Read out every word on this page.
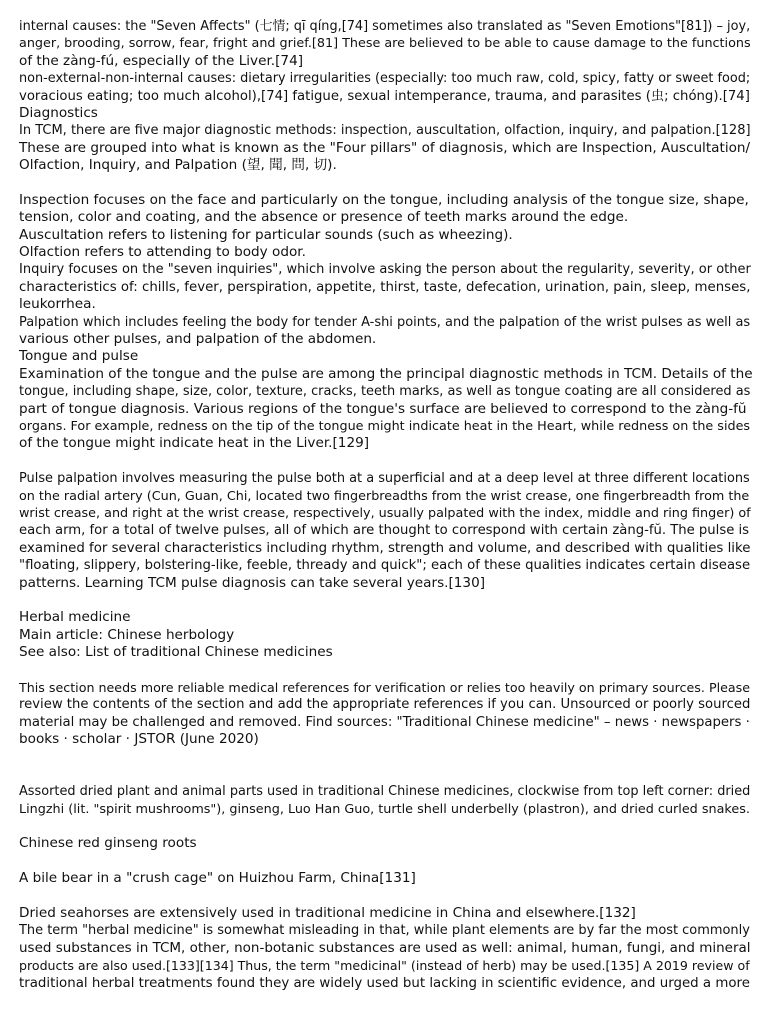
internal causes: the "Seven Affects" (七情; qī qíng,[74] sometimes also translated as "Seven Emotions"[81]) – joy,
anger, brooding, sorrow, fear, fright and grief.[81] These are believed to be able to cause damage to the functions
of the zàng-fú, especially of the Liver.[74]
non-external-non-internal causes: dietary irregularities (especially: too much raw, cold, spicy, fatty or sweet food;
voracious eating; too much alcohol),[74] fatigue, sexual intemperance, trauma, and parasites (虫; chóng).[74]
Diagnostics
In TCM, there are five major diagnostic methods: inspection, auscultation, olfaction, inquiry, and palpation.[128]
These are grouped into what is known as the "Four pillars" of diagnosis, which are Inspection, Auscultation/
Olfaction, Inquiry, and Palpation (望, 聞, 問, 切).
Inspection focuses on the face and particularly on the tongue, including analysis of the tongue size, shape,
tension, color and coating, and the absence or presence of teeth marks around the edge.
Auscultation refers to listening for particular sounds (such as wheezing).
Olfaction refers to attending to body odor.
Inquiry focuses on the "seven inquiries", which involve asking the person about the regularity, severity, or other
characteristics of: chills, fever, perspiration, appetite, thirst, taste, defecation, urination, pain, sleep, menses,
leukorrhea.
Palpation which includes feeling the body for tender A-shi points, and the palpation of the wrist pulses as well as
various other pulses, and palpation of the abdomen.
Tongue and pulse
Examination of the tongue and the pulse are among the principal diagnostic methods in TCM. Details of the
tongue, including shape, size, color, texture, cracks, teeth marks, as well as tongue coating are all considered as
part of tongue diagnosis. Various regions of the tongue's surface are believed to correspond to the zàng-fŭ
organs. For example, redness on the tip of the tongue might indicate heat in the Heart, while redness on the sides
of the tongue might indicate heat in the Liver.[129]
Pulse palpation involves measuring the pulse both at a superficial and at a deep level at three different locations
on the radial artery (Cun, Guan, Chi, located two fingerbreadths from the wrist crease, one fingerbreadth from the
wrist crease, and right at the wrist crease, respectively, usually palpated with the index, middle and ring finger) of
each arm, for a total of twelve pulses, all of which are thought to correspond with certain zàng-fŭ. The pulse is
examined for several characteristics including rhythm, strength and volume, and described with qualities like
"floating, slippery, bolstering-like, feeble, thready and quick"; each of these qualities indicates certain disease
patterns. Learning TCM pulse diagnosis can take several years.[130]
Herbal medicine
Main article: Chinese herbology
See also: List of traditional Chinese medicines
This section needs more reliable medical references for verification or relies too heavily on primary sources. Please
review the contents of the section and add the appropriate references if you can. Unsourced or poorly sourced
material may be challenged and removed. Find sources: "Traditional Chinese medicine" – news · newspapers ·
books · scholar · JSTOR (June 2020)
Assorted dried plant and animal parts used in traditional Chinese medicines, clockwise from top left corner: dried
Lingzhi (lit. "spirit mushrooms"), ginseng, Luo Han Guo, turtle shell underbelly (plastron), and dried curled snakes.
Chinese red ginseng roots
A bile bear in a "crush cage" on Huizhou Farm, China[131]
Dried seahorses are extensively used in traditional medicine in China and elsewhere.[132]
The term "herbal medicine" is somewhat misleading in that, while plant elements are by far the most commonly
used substances in TCM, other, non-botanic substances are used as well: animal, human, fungi, and mineral
products are also used.[133][134] Thus, the term "medicinal" (instead of herb) may be used.[135] A 2019 review of
traditional herbal treatments found they are widely used but lacking in scientific evidence, and urged a more
